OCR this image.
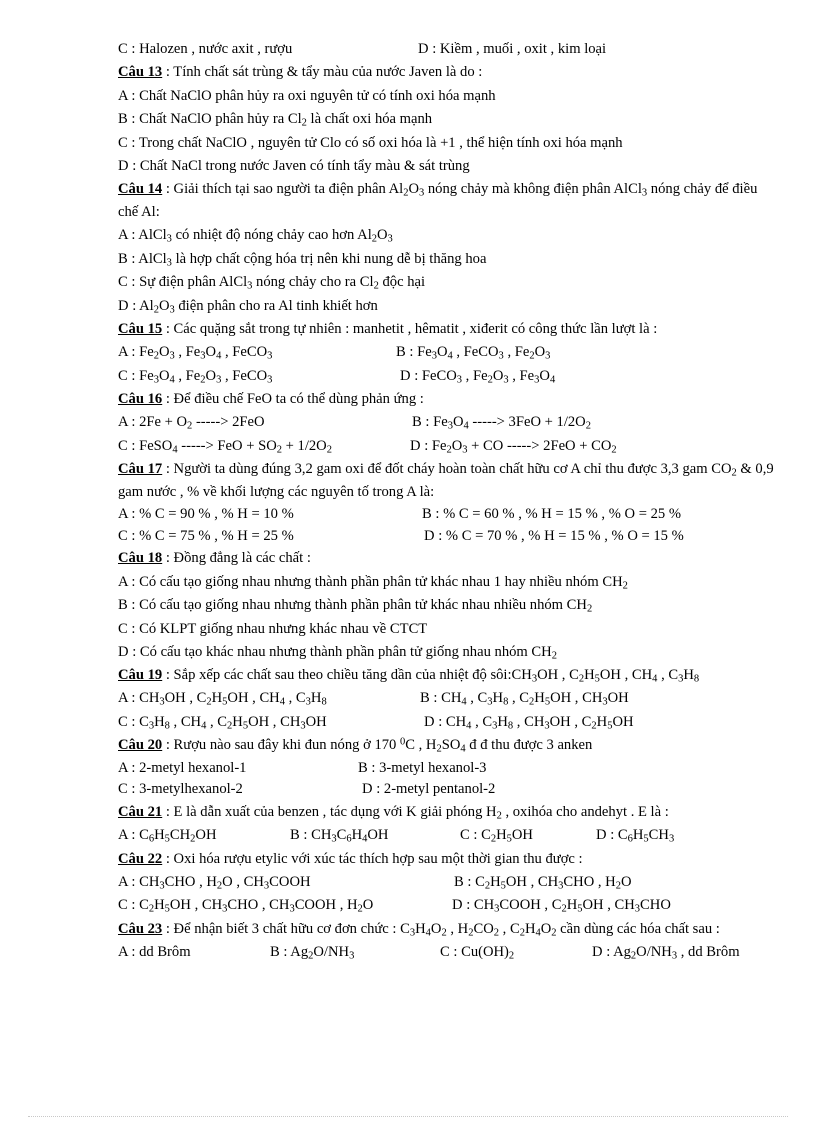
C : Halozen , nước axit , rượu	D : Kiềm , muối , oxit , kim loại
Câu 13 : Tính chất sát trùng & tẩy màu của nước Javen là do :
A : Chất NaClO phân hủy ra oxi nguyên tử có tính oxi hóa mạnh
B : Chất NaClO phân hủy ra $Cl_2$ là chất oxi hóa mạnh
C : Trong chất NaClO , nguyên tử Clo có số oxi hóa là +1 , thể hiện tính oxi hóa mạnh
D : Chất NaCl trong nước Javen có tính tẩy màu & sát trùng
Câu 14 : Giải thích tại sao người ta điện phân $Al_2O_3$ nóng chảy mà không điện phân AlCl$_3$ nóng chảy để điều chế Al:
A : AlCl$_3$ có nhiệt độ nóng chảy cao hơn $Al_2O_3$
B : AlCl$_3$ là hợp chất cộng hóa trị nên khi nung dễ bị thăng hoa
C : Sự điện phân AlCl$_3$ nóng chảy cho ra $Cl_2$ độc hại
D : $Al_2O_3$ điện phân cho ra Al tinh khiết hơn
Câu 15 : Các quặng sắt trong tự nhiên : manhetit , hêmatit , xiđerit có công thức lần lượt là :
A : $Fe_2O_3$ , $Fe_3O_4$ , FeCO$_3$	B : $Fe_3O_4$ , FeCO$_3$ , $Fe_2O_3$
C : $Fe_3O_4$ , $Fe_2O_3$ , FeCO$_3$	D : FeCO$_3$ , $Fe_2O_3$ , $Fe_3O_4$
Câu 16 : Để điều chế FeO ta có thể dùng phản ứng :
A : $2Fe + O_2$ -----> 2FeO	B : $Fe_3O_4$ -----> $3FeO + 1/2O_2$
C : FeSO$_4$ -----> FeO + $SO_2 + 1/2O_2$	D : $Fe_2O_3$ + CO -----> $2FeO + CO_2$
Câu 17 : Người ta dùng đúng 3,2 gam oxi để đốt cháy hoàn toàn chất hữu cơ A chỉ thu được 3,3 gam $CO_2$ & 0,9 gam nước , % về khối lượng các nguyên tố trong A là:
A : % C = 90 % , % H = 10 %	B : % C = 60 % , % H = 15 % , % O = 25 %
C : % C = 75 % , % H = 25 %	D : % C = 70 % , % H = 15 % , % O = 15 %
Câu 18 : Đồng đẳng là các chất :
A : Có cấu tạo giống nhau nhưng thành phần phân tử khác nhau 1 hay nhiều nhóm $CH_2$
B : Có cấu tạo giống nhau nhưng thành phần phân tử khác nhau nhiều nhóm $CH_2$
C : Có KLPT giống nhau nhưng khác nhau về CTCT
D : Có cấu tạo khác nhau nhưng thành phần phân tử giống nhau nhóm $CH_2$
Câu 19 : Sắp xếp các chất sau theo chiều tăng dần của nhiệt độ $sôi:CH_3OH$ , $C_2H_5OH$ , $CH_4$ , $C_3H_8$
A : $CH_3OH$ , $C_2H_5OH$ , $CH_4$ , $C_3H_8$	B : $CH_4$ , $C_3H_8$ , $C_2H_5OH$ , $CH_3OH$
C : $C_3H_8$ , $CH_4$ , $C_2H_5OH$ , $CH_3OH$	D : $CH_4$ , $C_3H_8$ , $CH_3OH$ , $C_2H_5OH$
Câu 20 : Rượu nào sau đây khi đun nóng ở 170 $^0$C , $H_2SO_4$ đ đ thu được 3 anken
A : 2-metyl hexanol-1	B : 3-metyl hexanol-3
C : 3-metylhexanol-2	D : 2-metyl pentanol-2
Câu 21 : E là dẫn xuất của benzen , tác dụng với K giải phóng $H_2$ , oxihóa cho andehyt . E là :
A : $C_6H_5CH_2OH$	B : $CH_3C_6H_4OH$	C : $C_2H_5OH$	D : $C_6H_5CH_3$
Câu 22 : Oxi hóa rượu etylic với xúc tác thích hợp sau một thời gian thu được :
A : $CH_3CHO$ , $H_2O$ , $CH_3COOH$	B : $C_2H_5OH$ , $CH_3CHO$ , $H_2O$
C : $C_2H_5OH$ , $CH_3CHO$ , $CH_3COOH$ , $H_2O$	D : $CH_3COOH$ , $C_2H_5OH$ , $CH_3CHO$
Câu 23 : Để nhận biết 3 chất hữu cơ đơn chức : $C_3H_4O_2$ , $H_2CO_2$ , $C_2H_4O_2$ cần dùng các hóa chất sau :
A : dd Brôm	B : $Ag_2O/NH_3$	C : $Cu(OH)_2$	D : $Ag_2O/NH_3$ , dd Brôm
